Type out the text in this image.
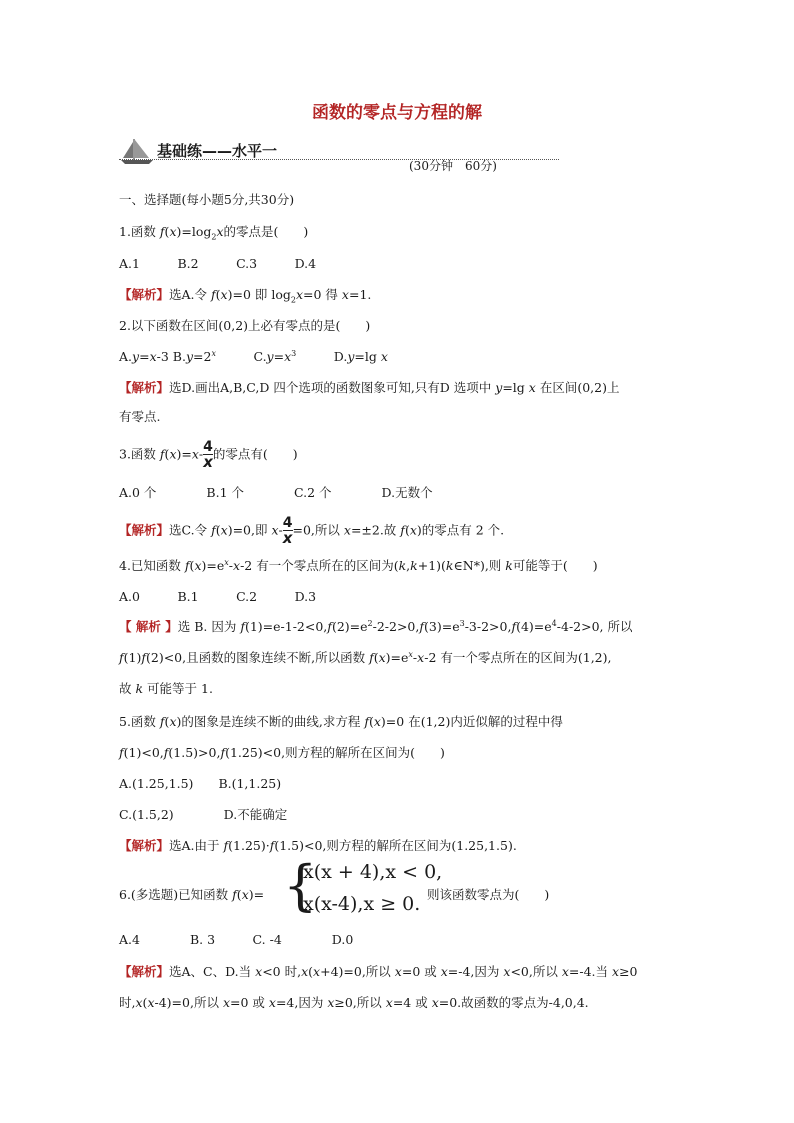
函数的零点与方程的解
基础练——水平一
(30分钟　60分)
一、选择题(每小题5分,共30分)
1.函数 $f(x)=\log_2x$的零点是(　　)
A.1　　　B.2　　　C.3　　　D.4
【解析】选A.令 f(x)=0 即 $\log_2x=0$ 得 x=1.
2.以下函数在区间(0,2)上必有零点的是(　　)
A.y=x-3 $B.y=2^x$　　　$C.y=x^3$　　　D.y=lg x
【解析】选D.画出A,B,C,D 四个选项的函数图象可知,只有D 选项中 y=lg x 在区间(0,2)上
有零点.
3.函数 $f(x)=x- \frac{4}{x}$ 的零点有(　　)
A.0 个　　　　B.1 个　　　　C.2 个　　　　D.无数个
【解析】选C.令 f(x)=0,即 $x- \frac{4}{x} =0$,所以 x=±2.故 f(x)的零点有 2 个.
4.已知函数 $f(x)=e^x-x-2$ 有一个零点所在的区间为(k,k+1)(k∈N*),则 k可能等于(　　)
A.0　　　B.1　　　C.2　　　D.3
【 解析 】选 B. 因为 $f(1)=e-1-2<0,f(2)=e^2-2-2>0,f(3)=e^3-3-2>0,f(4)=e^4-4-2>0$, 所以
f(1)f(2)<0,且函数的图象连续不断,所以函数 $f(x)=e^x-x-2$ 有一个零点所在的区间为(1,2),
故 k 可能等于 1.
5.函数 f(x)的图象是连续不断的曲线,求方程 f(x)=0 在(1,2)内近似解的过程中得
f(1)<0,f(1.5)>0,f(1.25)<0,则方程的解所在区间为(　　)
A.(1.25,1.5)　　B.(1,1.25)
C.(1.5,2)　　　　D.不能确定
【解析】选A.由于 f(1.25)·f(1.5)<0,则方程的解所在区间为(1.25,1.5).
6.(多选题)已知函数 f(x)= {
x(x + 4),x < 0,
x(x-4),x ≥ 0. 则该函数零点为(　　)
A.4　　　　B. 3　　　C. -4　　　　D.0
【解析】选A、C、D.当 x<0 时,x(x+4)=0,所以 x=0 或 x=-4,因为 x<0,所以 x=-4.当 x≥0
时,x(x-4)=0,所以 x=0 或 x=4,因为 x≥0,所以 x=4 或 x=0.故函数的零点为-4,0,4.
